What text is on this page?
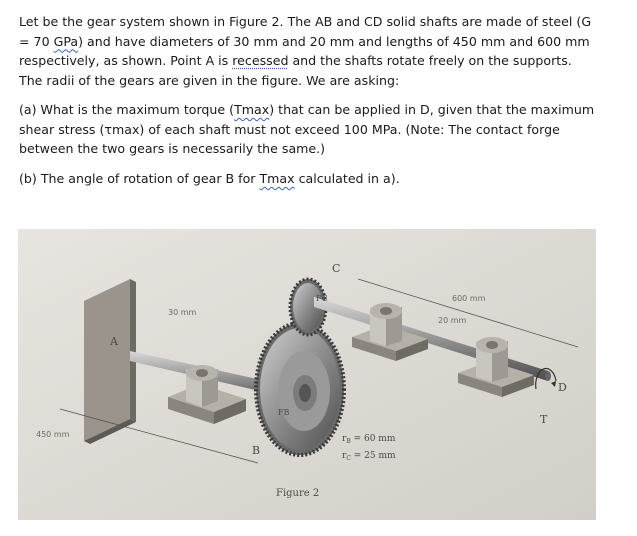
Let be the gear system shown in Figure 2. The AB and CD solid shafts are made of steel (G = 70 GPa) and have diameters of 30 mm and 20 mm and lengths of 450 mm and 600 mm respectively, as shown. Point A is recessed and the shafts rotate freely on the supports. The radii of the gears are given in the figure. We are asking:

(a) What is the maximum torque (Tmax) that can be applied in D, given that the maximum shear stress (τmax) of each shaft must not exceed 100 MPa. (Note: The contact forge between the two gears is necessarily the same.)

(b) The angle of rotation of gear B for Tmax calculated in a).

C
A
B
D
T
FC
FB
30 mm
20 mm
450 mm
600 mm
$r_B = 60$ mm
$r_C = 25$ mm
Figure 2
